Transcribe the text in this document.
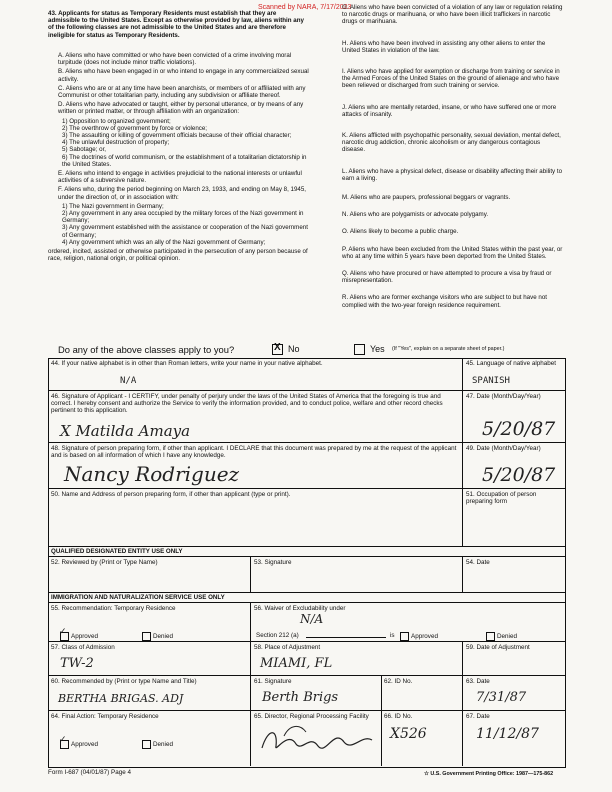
Scanned by NARA, 7/17/2023
43. Applicants for status as Temporary Residents must establish that they are admissible to the United States. Except as otherwise provided by law, aliens within any of the following classes are not admissible to the United States and are therefore ineligible for status as Temporary Residents.
A. Aliens who have committed or who have been convicted of a crime involving moral turpitude (does not include minor traffic violations).
B. Aliens who have been engaged in or who intend to engage in any commercialized sexual activity.
C. Aliens who are or at any time have been anarchists, or members of or affiliated with any Communist or other totalitarian party, including any subdivision or affiliate thereof.
D. Aliens who have advocated or taught, either by personal utterance, or by means of any written or printed matter, or through affiliation with an organization:
1) Opposition to organized government;
2) The overthrow of government by force or violence;
3) The assaulting or killing of government officials because of their official character;
4) The unlawful destruction of property;
5) Sabotage; or,
6) The doctrines of world communism, or the establishment of a totalitarian dictatorship in the United States.
E. Aliens who intend to engage in activities prejudicial to the national interests or unlawful activities of a subversive nature.
F. Aliens who, during the period beginning on March 23, 1933, and ending on May 8, 1945, under the direction of, or in association with:
1) The Nazi government in Germany;
2) Any government in any area occupied by the military forces of the Nazi government in Germany;
3) Any government established with the assistance or cooperation of the Nazi government of Germany;
4) Any government which was an ally of the Nazi government of Germany;
ordered, incited, assisted or otherwise participated in the persecution of any person because of race, religion, national origin, or political opinion.
G. Aliens who have been convicted of a violation of any law or regulation relating to narcotic drugs or marihuana, or who have been illicit traffickers in narcotic drugs or marihuana.
H. Aliens who have been involved in assisting any other aliens to enter the United States in violation of the law.
I. Aliens who have applied for exemption or discharge from training or service in the Armed Forces of the United States on the ground of alienage and who have been relieved or discharged from such training or service.
J. Aliens who are mentally retarded, insane, or who have suffered one or more attacks of insanity.
K. Aliens afflicted with psychopathic personality, sexual deviation, mental defect, narcotic drug addiction, chronic alcoholism or any dangerous contagious disease.
L. Aliens who have a physical defect, disease or disability affecting their ability to earn a living.
M. Aliens who are paupers, professional beggars or vagrants.
N. Aliens who are polygamists or advocate polygamy.
O. Aliens likely to become a public charge.
P. Aliens who have been excluded from the United States within the past year, or who at any time within 5 years have been deported from the United States.
Q. Aliens who have procured or have attempted to procure a visa by fraud or misrepresentation.
R. Aliens who are former exchange visitors who are subject to but have not complied with the two-year foreign residence requirement.
Do any of the above classes apply to you?	X No	Yes (If "Yes", explain on a separate sheet of paper.)
44. If your native alphabet is in other than Roman letters, write your name in your native alphabet.
N/A
45. Language of native alphabet
SPANISH
46. Signature of Applicant - I CERTIFY, under penalty of perjury under the laws of the United States of America that the foregoing is true and correct. I hereby consent and authorize the Service to verify the information provided, and to conduct police, welfare and other record checks pertinent to this application.
X Matilda Amaya
47. Date (Month/Day/Year)
5/20/87
48. Signature of person preparing form, if other than applicant. I DECLARE that this document was prepared by me at the request of the applicant and is based on all information of which I have any knowledge.
Nancy Rodriguez
49. Date (Month/Day/Year)
5/20/87
50. Name and Address of person preparing form, if other than applicant (type or print).	51. Occupation of person preparing form
QUALIFIED DESIGNATED ENTITY USE ONLY
52. Reviewed by (Print or Type Name)	53. Signature	54. Date
IMMIGRATION AND NATURALIZATION SERVICE USE ONLY
55. Recommendation: Temporary Residence
Approved
✓	Denied
56. Waiver of Excludability under
N/A
Section 212 (a)	is	Approved	Denied
57. Class of Admission
TW-2
58. Place of Adjustment
MIAMI, FL
59. Date of Adjustment
60. Recommended by (Print or type Name and Title)
BERTHA BRIGAS. ADJ
61. Signature
Berth Brigs
62. ID No.	63. Date
7/31/87
64. Final Action: Temporary Residence
Approved
✓	Denied
65. Director, Regional Processing Facility	66. ID No.
X526
67. Date
11/12/87
Form I-687 (04/01/87) Page 4	☆ U.S. Government Printing Office: 1987—175-862
